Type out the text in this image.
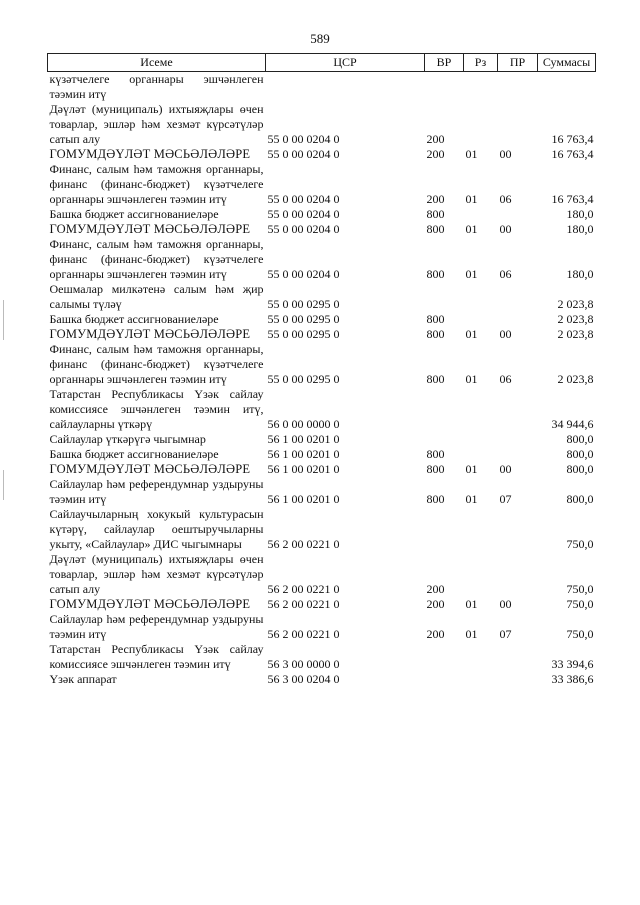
589
Исеме	ЦСР	ВР	Рз	ПР	Суммасы
күзәтчелеге органнары эшчәнлеген тәэмин итү					
Дәүләт (муниципаль) ихтыяҗлары өчен товарлар, эшләр һәм хезмәт күрсәтүләр сатып алу	55 0 00 0204 0	200			16 763,4
ГОМУМДӘҮЛӘТ МӘСЬӘЛӘЛӘРЕ	55 0 00 0204 0	200	01	00	16 763,4
Финанс, салым һәм таможня органнары, финанс (финанс-бюджет) күзәтчелеге органнары эшчәнлеген тәэмин итү	55 0 00 0204 0	200	01	06	16 763,4
Башка бюджет ассигнованиеләре	55 0 00 0204 0	800			180,0
ГОМУМДӘҮЛӘТ МӘСЬӘЛӘЛӘРЕ	55 0 00 0204 0	800	01	00	180,0
Финанс, салым һәм таможня органнары, финанс (финанс-бюджет) күзәтчелеге органнары эшчәнлеген тәэмин итү	55 0 00 0204 0	800	01	06	180,0
Оешмалар милкәтенә салым һәм җир салымы түләү	55 0 00 0295 0				2 023,8
Башка бюджет ассигнованиеләре	55 0 00 0295 0	800			2 023,8
ГОМУМДӘҮЛӘТ МӘСЬӘЛӘЛӘРЕ	55 0 00 0295 0	800	01	00	2 023,8
Финанс, салым һәм таможня органнары, финанс (финанс-бюджет) күзәтчелеге органнары эшчәнлеген тәэмин итү	55 0 00 0295 0	800	01	06	2 023,8
Татарстан Республикасы Үзәк сайлау комиссиясе эшчәнлеген тәэмин итү, сайлауларны үткәрү	56 0 00 0000 0				34 944,6
Сайлаулар үткәрүгә чыгымнар	56 1 00 0201 0				800,0
Башка бюджет ассигнованиеләре	56 1 00 0201 0	800			800,0
ГОМУМДӘҮЛӘТ МӘСЬӘЛӘЛӘРЕ	56 1 00 0201 0	800	01	00	800,0
Сайлаулар һәм референдумнар уздыруны тәэмин итү	56 1 00 0201 0	800	01	07	800,0
Сайлаучыларның хокукый культурасын күтәрү, сайлаулар оештыручыларны укыту, «Сайлаулар» ДИС чыгымнары	56 2 00 0221 0				750,0
Дәүләт (муниципаль) ихтыяҗлары өчен товарлар, эшләр һәм хезмәт күрсәтүләр сатып алу	56 2 00 0221 0	200			750,0
ГОМУМДӘҮЛӘТ МӘСЬӘЛӘЛӘРЕ	56 2 00 0221 0	200	01	00	750,0
Сайлаулар һәм референдумнар уздыруны тәэмин итү	56 2 00 0221 0	200	01	07	750,0
Татарстан Республикасы Үзәк сайлау комиссиясе эшчәнлеген тәэмин итү	56 3 00 0000 0				33 394,6
Үзәк аппарат	56 3 00 0204 0				33 386,6
